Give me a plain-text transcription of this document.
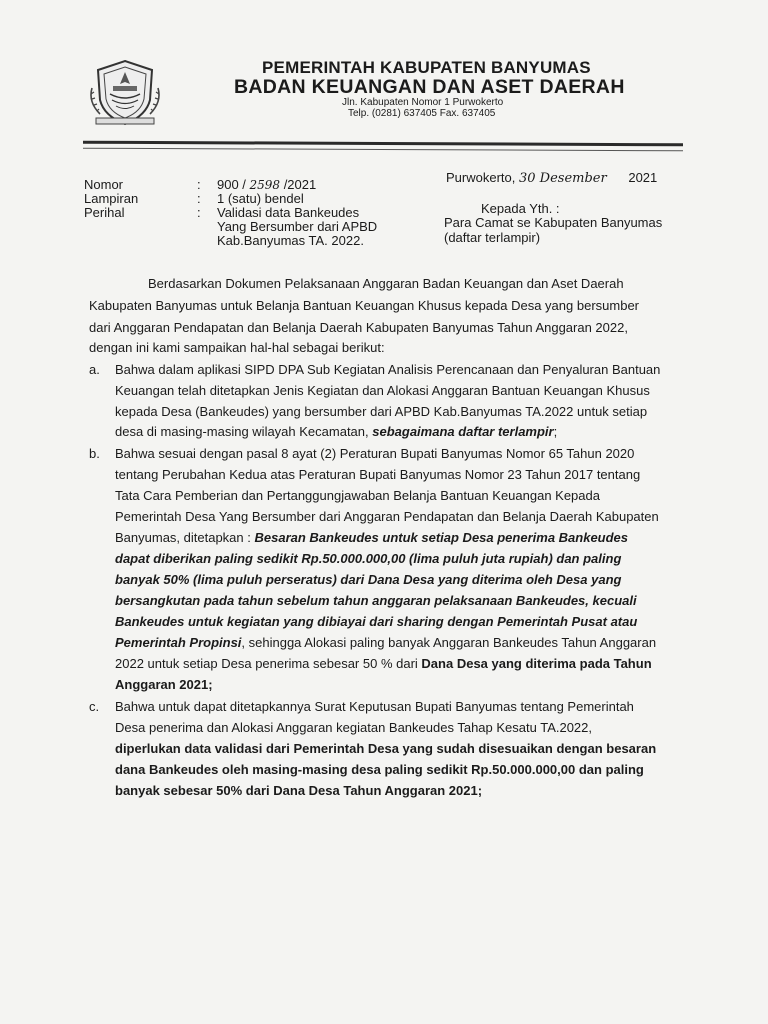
PEMERINTAH KABUPATEN BANYUMAS
BADAN KEUANGAN DAN ASET DAERAH
Jln. Kabupaten Nomor 1 Purwokerto
Telp. (0281) 637405 Fax. 637405
Nomor	:	900 / 2598 /2021
Lampiran	:	1 (satu) bendel
Perihal	:	Validasi data Bankeudes
Yang Bersumber dari APBD
Kab.Banyumas TA. 2022.
Purwokerto, 30 Desember 2021
Kepada Yth. :
Para Camat se Kabupaten Banyumas
(daftar terlampir)
Berdasarkan Dokumen Pelaksanaan Anggaran Badan Keuangan dan Aset Daerah
Kabupaten Banyumas untuk Belanja Bantuan Keuangan Khusus kepada Desa yang bersumber
dari Anggaran Pendapatan dan Belanja Daerah Kabupaten Banyumas Tahun Anggaran 2022,
dengan ini kami sampaikan hal-hal sebagai berikut:
a. Bahwa dalam aplikasi SIPD DPA Sub Kegiatan Analisis Perencanaan dan Penyaluran Bantuan
Keuangan telah ditetapkan Jenis Kegiatan dan Alokasi Anggaran Bantuan Keuangan Khusus
kepada Desa (Bankeudes) yang bersumber dari APBD Kab.Banyumas TA.2022 untuk setiap
desa di masing-masing wilayah Kecamatan, sebagaimana daftar terlampir;
b. Bahwa sesuai dengan pasal 8 ayat (2) Peraturan Bupati Banyumas Nomor 65 Tahun 2020
tentang Perubahan Kedua atas Peraturan Bupati Banyumas Nomor 23 Tahun 2017 tentang
Tata Cara Pemberian dan Pertanggungjawaban Belanja Bantuan Keuangan Kepada
Pemerintah Desa Yang Bersumber dari Anggaran Pendapatan dan Belanja Daerah Kabupaten
Banyumas, ditetapkan : Besaran Bankeudes untuk setiap Desa penerima Bankeudes
dapat diberikan paling sedikit Rp.50.000.000,00 (lima puluh juta rupiah) dan paling
banyak 50% (lima puluh perseratus) dari Dana Desa yang diterima oleh Desa yang
bersangkutan pada tahun sebelum tahun anggaran pelaksanaan Bankeudes, kecuali
Bankeudes untuk kegiatan yang dibiayai dari sharing dengan Pemerintah Pusat atau
Pemerintah Propinsi, sehingga Alokasi paling banyak Anggaran Bankeudes Tahun Anggaran
2022 untuk setiap Desa penerima sebesar 50 % dari Dana Desa yang diterima pada Tahun
Anggaran 2021;
c. Bahwa untuk dapat ditetapkannya Surat Keputusan Bupati Banyumas tentang Pemerintah
Desa penerima dan Alokasi Anggaran kegiatan Bankeudes Tahap Kesatu TA.2022,
diperlukan data validasi dari Pemerintah Desa yang sudah disesuaikan dengan besaran
dana Bankeudes oleh masing-masing desa paling sedikit Rp.50.000.000,00 dan paling
banyak sebesar 50% dari Dana Desa Tahun Anggaran 2021;
